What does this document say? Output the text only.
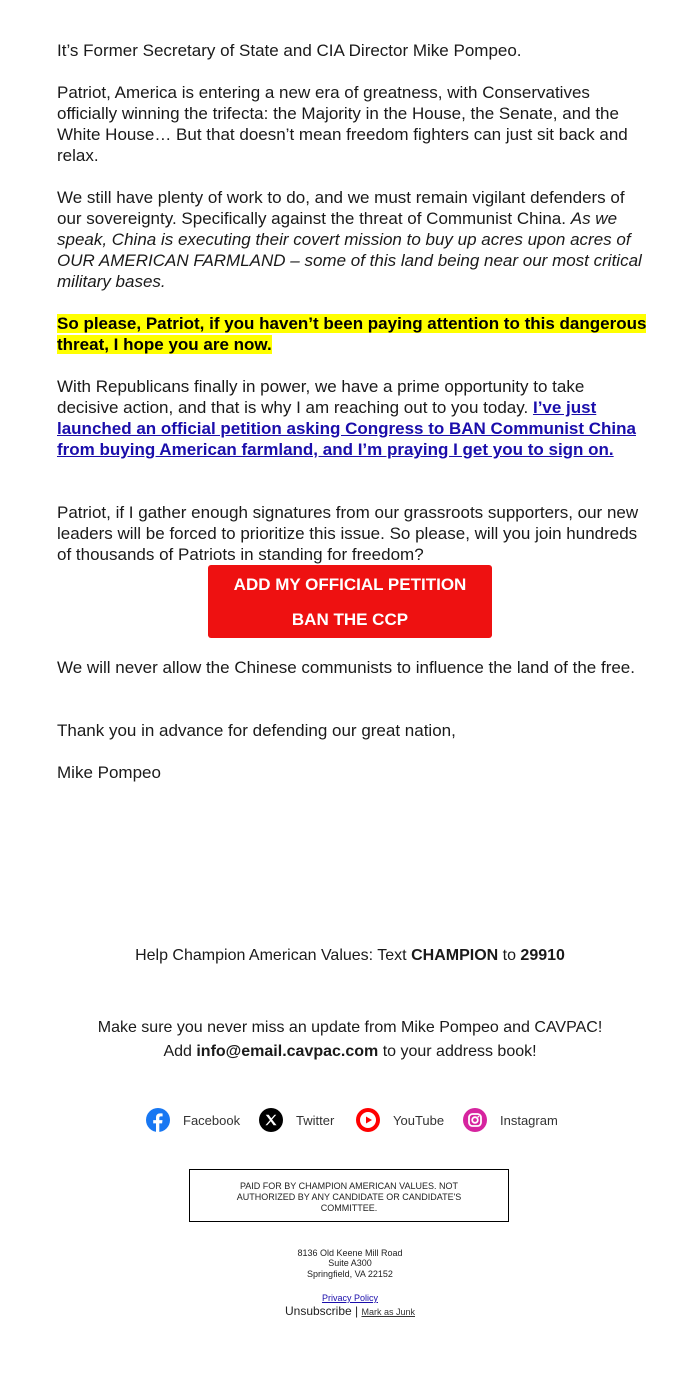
It’s Former Secretary of State and CIA Director Mike Pompeo.

Patriot, America is entering a new era of greatness, with Conservatives officially winning the trifecta: the Majority in the House, the Senate, and the White House… But that doesn’t mean freedom fighters can just sit back and relax.

We still have plenty of work to do, and we must remain vigilant defenders of our sovereignty. Specifically against the threat of Communist China. As we speak, China is executing their covert mission to buy up acres upon acres of OUR AMERICAN FARMLAND – some of this land being near our most critical military bases.

So please, Patriot, if you haven’t been paying attention to this dangerous threat, I hope you are now.

With Republicans finally in power, we have a prime opportunity to take decisive action, and that is why I am reaching out to you today. I’ve just launched an official petition asking Congress to BAN Communist China from buying American farmland, and I’m praying I get you to sign on.

Patriot, if I gather enough signatures from our grassroots supporters, our new leaders will be forced to prioritize this issue. So please, will you join hundreds of thousands of Patriots in standing for freedom?

ADD MY OFFICIAL PETITION
BAN THE CCP

We will never allow the Chinese communists to influence the land of the free.

Thank you in advance for defending our great nation,

Mike Pompeo

Help Champion American Values: Text CHAMPION to 29910
Make sure you never miss an update from Mike Pompeo and CAVPAC!
Add info@email.cavpac.com to your address book!
Facebook	Twitter	YouTube	Instagram
PAID FOR BY CHAMPION AMERICAN VALUES. NOT AUTHORIZED BY ANY CANDIDATE OR CANDIDATE'S COMMITTEE.
8136 Old Keene Mill Road
Suite A300
Springfield, VA 22152
Privacy Policy
Unsubscribe | Mark as Junk
